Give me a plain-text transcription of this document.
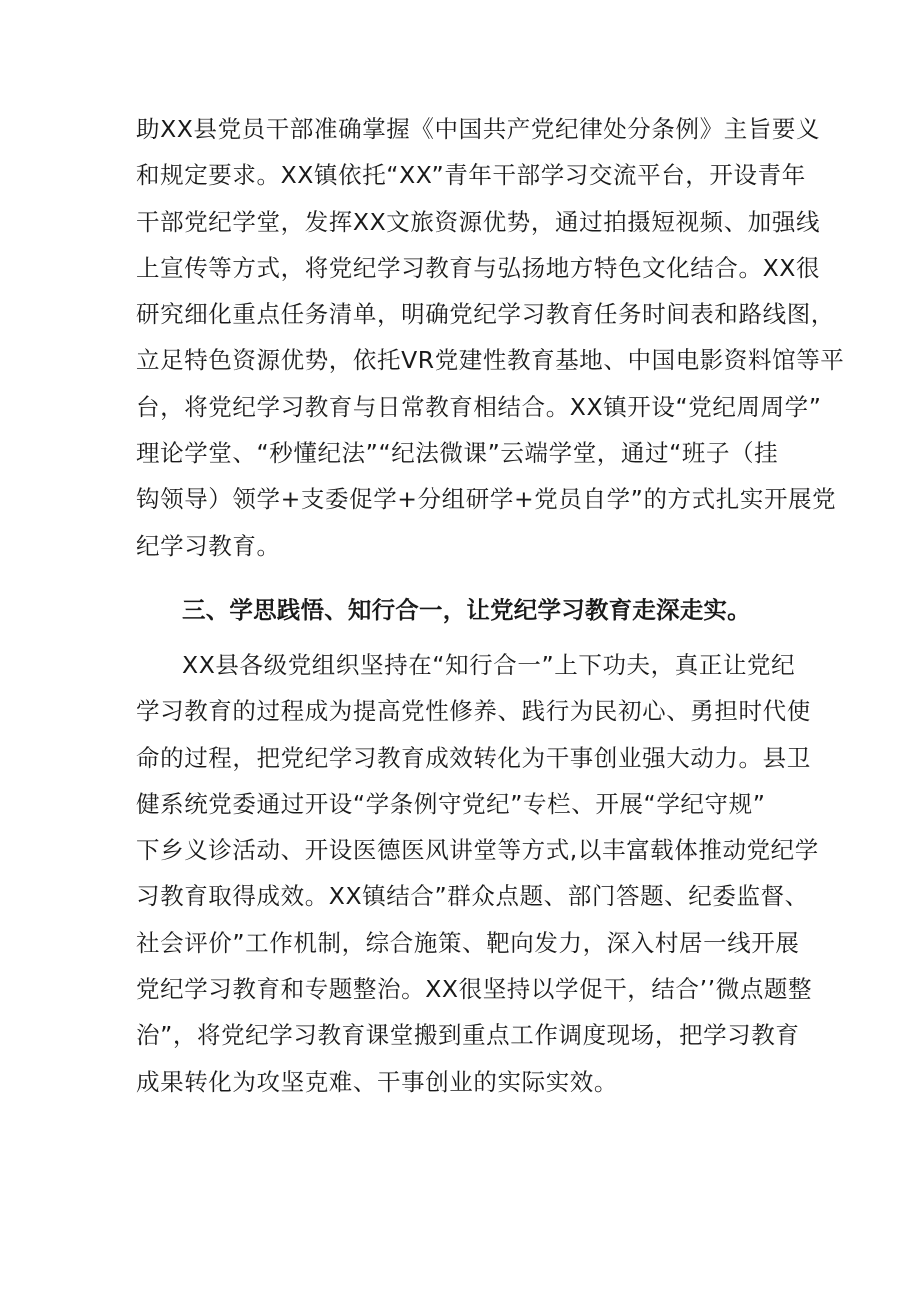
助XX县党员干部准确掌握《中国共产党纪律处分条例》主旨要义
和规定要求。XX镇依托“XX”青年干部学习交流平台，开设青年
干部党纪学堂，发挥XX文旅资源优势，通过拍摄短视频、加强线
上宣传等方式，将党纪学习教育与弘扬地方特色文化结合。XX很
研究细化重点任务清单，明确党纪学习教育任务时间表和路线图，
立足特色资源优势，依托VR党建性教育基地、中国电影资料馆等平
台，将党纪学习教育与日常教育相结合。XX镇开设“党纪周周学”
理论学堂、“秒懂纪法”“纪法微课”云端学堂，通过“班子（挂
钩领导）领学+支委促学+分组研学+党员自学”的方式扎实开展党
纪学习教育。
三、学思践悟、知行合一，让党纪学习教育走深走实。
XX县各级党组织坚持在“知行合一”上下功夫，真正让党纪
学习教育的过程成为提高党性修养、践行为民初心、勇担时代使
命的过程，把党纪学习教育成效转化为干事创业强大动力。县卫
健系统党委通过开设“学条例守党纪”专栏、开展“学纪守规”
下乡义诊活动、开设医德医风讲堂等方式,以丰富载体推动党纪学
习教育取得成效。XX镇结合”群众点题、部门答题、纪委监督、
社会评价”工作机制，综合施策、靶向发力，深入村居一线开展
党纪学习教育和专题整治。XX很坚持以学促干，结合’’微点题整
治”，将党纪学习教育课堂搬到重点工作调度现场，把学习教育
成果转化为攻坚克难、干事创业的实际实效。
